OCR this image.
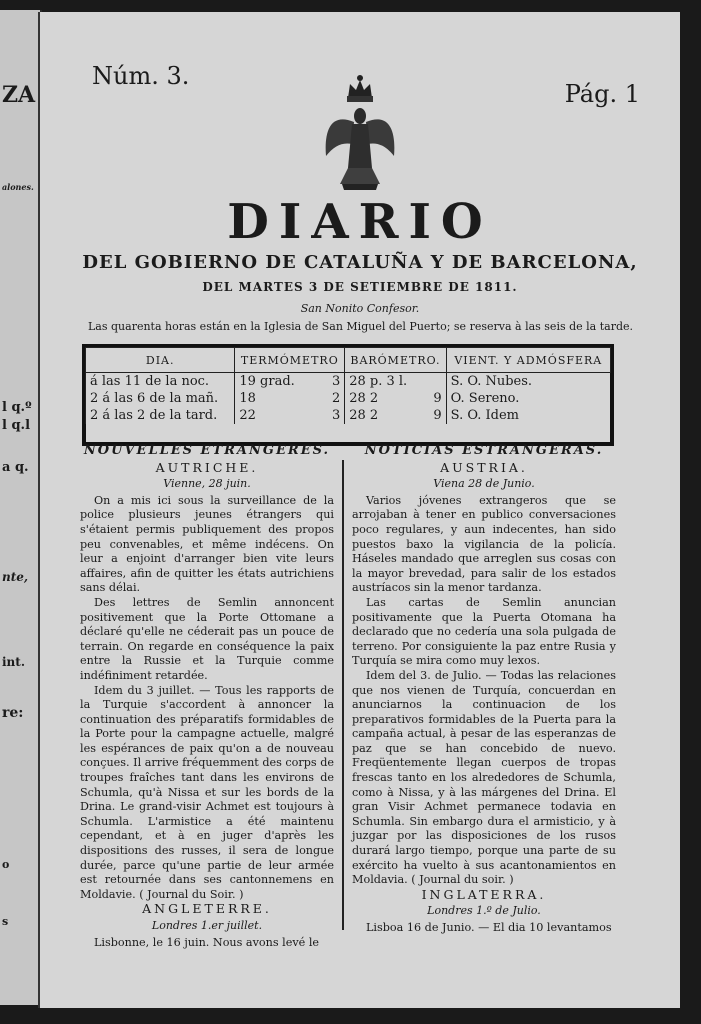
ZA
alones.
l q.º
l q.l
a q.
nte,
int.
re:
o
s
Núm. 3.
Pág. 1
DIARIO
DEL GOBIERNO DE CATALUÑA Y DE BARCELONA,
DEL MARTES 3 DE SETIEMBRE DE 1811.
San Nonito Confesor.
Las quarenta horas están en la Iglesia de San Miguel del Puerto; se reserva à las seis de la tarde.
DIA.	TERMÓMETRO		BARÓMETRO.		VIENT. Y ADMÓSFERA
á las 11 de la noc.	19 grad.	3	28 p. 3 l.		S. O. Nubes.
2 á las 6 de la mañ.	18	2	28 2	9	O. Sereno.
2 á las 2 de la tard.	22	3	28 2	9	S. O. Idem
NOUVELLES ETRANGERES.
AUTRICHE.
Vienne, 28 juin.

On a mis ici sous la surveillance de la police plusieurs jeunes étrangers qui s'étaient permis publiquement des propos peu convenables, et même indécens. On leur a enjoint d'arranger bien vite leurs affaires, afin de quitter les états autrichiens sans délai.

Des lettres de Semlin annoncent positivement que la Porte Ottomane a déclaré qu'elle ne céderait pas un pouce de terrain. On regarde en conséquence la paix entre la Russie et la Turquie comme indéfiniment retardée.

Idem du 3 juillet. — Tous les rapports de la Turquie s'accordent à annoncer la continuation des préparatifs formidables de la Porte pour la campagne actuelle, malgré les espérances de paix qu'on a de nouveau conçues. Il arrive fréquemment des corps de troupes fraîches tant dans les environs de Schumla, qu'à Nissa et sur les bords de la Drina. Le grand-visir Achmet est toujours à Schumla. L'armistice a été maintenu cependant, et à en juger d'après les dispositions des russes, il sera de longue durée, parce qu'une partie de leur armée est retournée dans ses cantonnemens en Moldavie. ( Journal du Soir. )

ANGLETERRE.
Londres 1.er juillet.

Lisbonne, le 16 juin. Nous avons levé le

NOTICIAS ESTRANGERAS.
AUSTRIA.
Viena 28 de Junio.

Varios jóvenes extrangeros que se arrojaban à tener en publico conversaciones poco regulares, y aun indecentes, han sido puestos baxo la vigilancia de la policía. Háseles mandado que arreglen sus cosas con la mayor brevedad, para salir de los estados austríacos sin la menor tardanza.

Las cartas de Semlin anuncian positivamente que la Puerta Otomana ha declarado que no cedería una sola pulgada de terreno. Por consiguiente la paz entre Rusia y Turquía se mira como muy lexos.

Idem del 3. de Julio. — Todas las relaciones que nos vienen de Turquía, concuerdan en anunciarnos la continuacion de los preparativos formidables de la Puerta para la campaña actual, à pesar de las esperanzas de paz que se han concebido de nuevo. Freqüentemente llegan cuerpos de tropas frescas tanto en los alrededores de Schumla, como à Nissa, y à las márgenes del Drina. El gran Visir Achmet permanece todavia en Schumla. Sin embargo dura el armisticio, y à juzgar por las disposiciones de los rusos durará largo tiempo, porque una parte de su exército ha vuelto à sus acantonamientos en Moldavia. ( Journal du soir. )

INGLATERRA.
Londres 1.º de Julio.

Lisboa 16 de Junio. — El dia 10 levantamos
